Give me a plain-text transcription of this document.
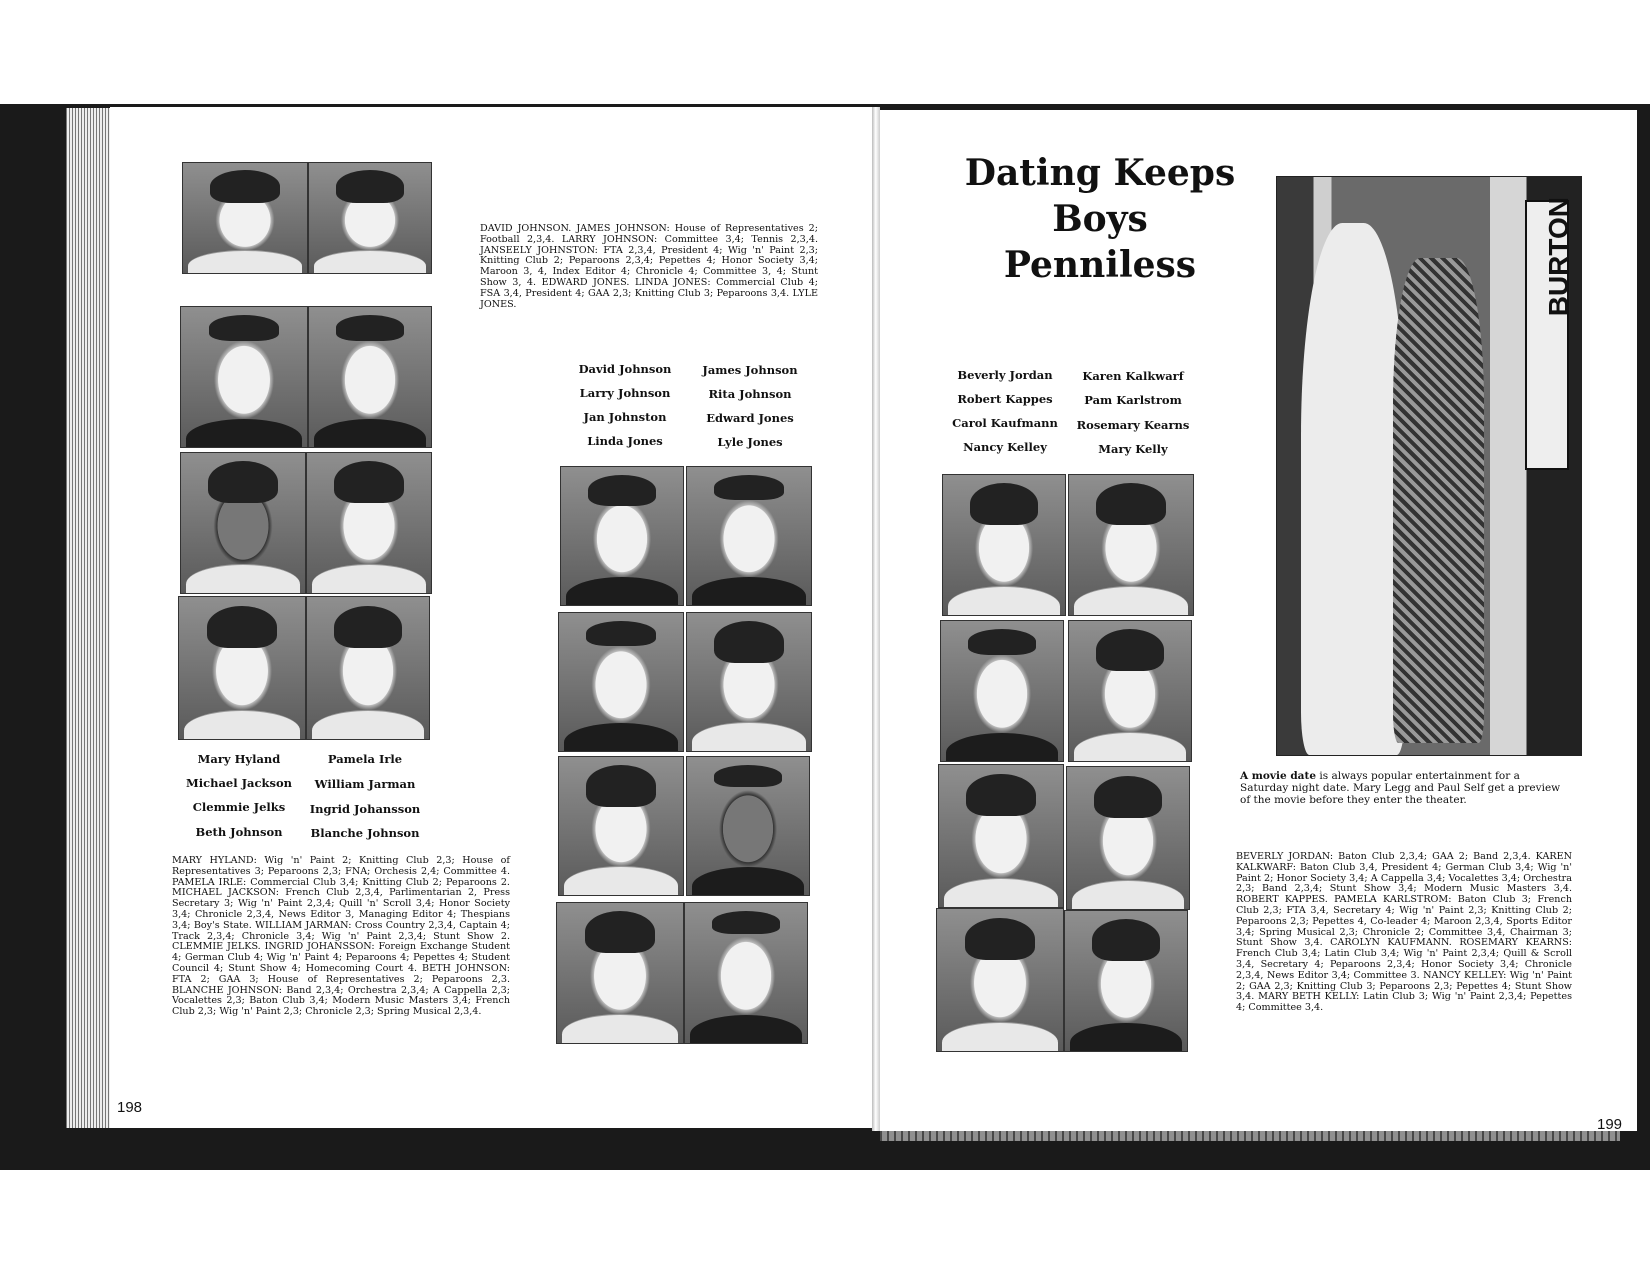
Mary Hyland
Michael Jackson
Clemmie Jelks
Beth Johnson
Pamela Irle
William Jarman
Ingrid Johansson
Blanche Johnson
MARY HYLAND: Wig 'n' Paint 2; Knitting Club 2,3; House of Representatives 3; Peparoons 2,3; FNA; Orchesis 2,4; Committee 4. PAMELA IRLE: Commercial Club 3,4; Knitting Club 2; Peparoons 2. MICHAEL JACKSON: French Club 2,3,4, Parlimentarian 2, Press Secretary 3; Wig 'n' Paint 2,3,4; Quill 'n' Scroll 3,4; Honor Society 3,4; Chronicle 2,3,4, News Editor 3, Managing Editor 4; Thespians 3,4; Boy's State. WILLIAM JARMAN: Cross Country 2,3,4, Captain 4; Track 2,3,4; Chronicle 3,4; Wig 'n' Paint 2,3,4; Stunt Show 2. CLEMMIE JELKS. INGRID JOHANSSON: Foreign Exchange Student 4; German Club 4; Wig 'n' Paint 4; Peparoons 4; Pepettes 4; Student Council 4; Stunt Show 4; Homecoming Court 4. BETH JOHNSON: FTA 2; GAA 3; House of Representatives 2; Peparoons 2,3. BLANCHE JOHNSON: Band 2,3,4; Orchestra 2,3,4; A Cappella 2,3; Vocalettes 2,3; Baton Club 3,4; Modern Music Masters 3,4; French Club 2,3; Wig 'n' Paint 2,3; Chronicle 2,3; Spring Musical 2,3,4.
DAVID JOHNSON. JAMES JOHNSON: House of Representatives 2; Football 2,3,4. LARRY JOHNSON: Committee 3,4; Tennis 2,3,4. JANSEELY JOHNSTON: FTA 2,3,4, President 4; Wig 'n' Paint 2,3; Knitting Club 2; Peparoons 2,3,4; Pepettes 4; Honor Society 3,4; Maroon 3, 4, Index Editor 4; Chronicle 4; Committee 3, 4; Stunt Show 3, 4. EDWARD JONES. LINDA JONES: Commercial Club 4; FSA 3,4, President 4; GAA 2,3; Knitting Club 3; Peparoons 3,4. LYLE JONES.
David Johnson
Larry Johnson
Jan Johnston
Linda Jones
James Johnson
Rita Johnson
Edward Jones
Lyle Jones
198
Dating Keeps
Boys Penniless
Beverly Jordan
Robert Kappes
Carol Kaufmann
Nancy Kelley
Karen Kalkwarf
Pam Karlstrom
Rosemary Kearns
Mary Kelly
BURTON
A movie date is always popular entertainment for a Saturday night date. Mary Legg and Paul Self get a preview of the movie before they enter the theater.
BEVERLY JORDAN: Baton Club 2,3,4; GAA 2; Band 2,3,4. KAREN KALKWARF: Baton Club 3,4, President 4; German Club 3,4; Wig 'n' Paint 2; Honor Society 3,4; A Cappella 3,4; Vocalettes 3,4; Orchestra 2,3; Band 2,3,4; Stunt Show 3,4; Modern Music Masters 3,4. ROBERT KAPPES. PAMELA KARLSTROM: Baton Club 3; French Club 2,3; FTA 3,4, Secretary 4; Wig 'n' Paint 2,3; Knitting Club 2; Peparoons 2,3; Pepettes 4, Co-leader 4; Maroon 2,3,4, Sports Editor 3,4; Spring Musical 2,3; Chronicle 2; Committee 3,4, Chairman 3; Stunt Show 3,4. CAROLYN KAUFMANN. ROSEMARY KEARNS: French Club 3,4; Latin Club 3,4; Wig 'n' Paint 2,3,4; Quill & Scroll 3,4, Secretary 4; Peparoons 2,3,4; Honor Society 3,4; Chronicle 2,3,4, News Editor 3,4; Committee 3. NANCY KELLEY: Wig 'n' Paint 2; GAA 2,3; Knitting Club 3; Peparoons 2,3; Pepettes 4; Stunt Show 3,4. MARY BETH KELLY: Latin Club 3; Wig 'n' Paint 2,3,4; Pepettes 4; Committee 3,4.
199
